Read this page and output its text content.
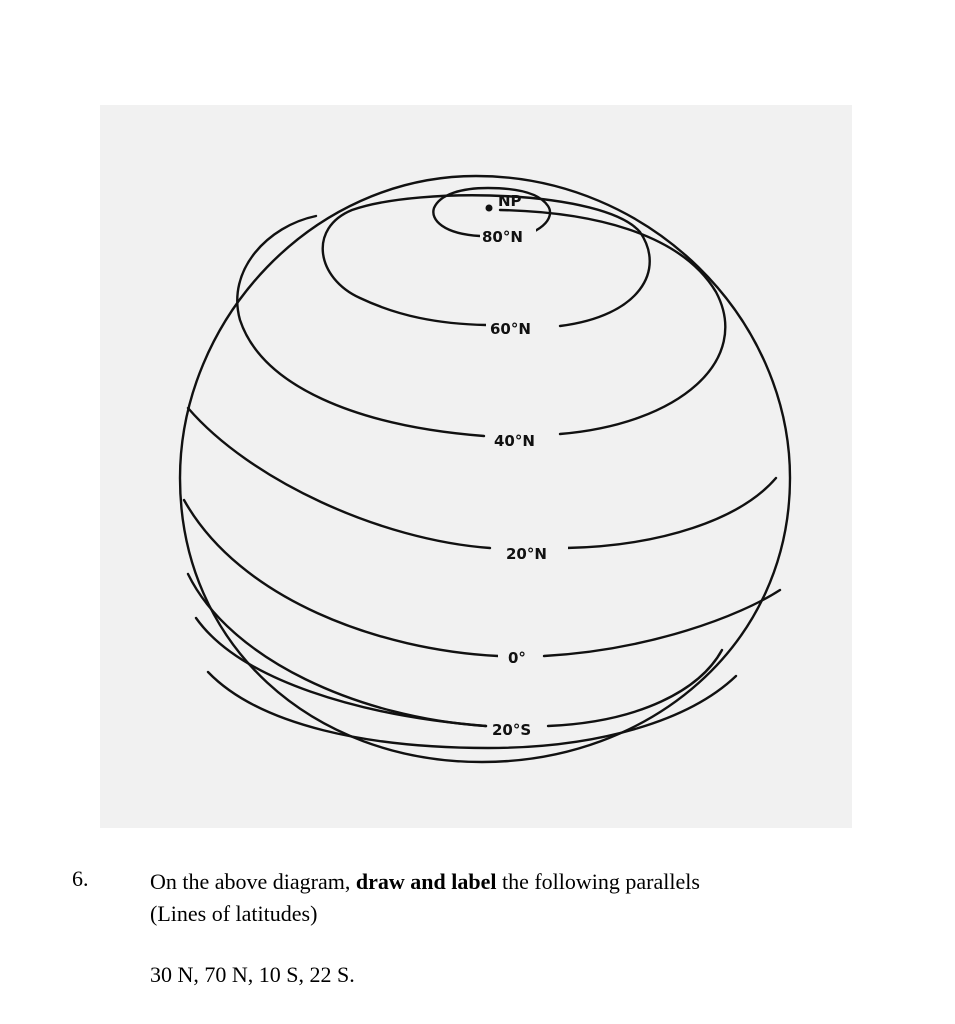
NP
80°N
60°N
40°N
20°N
0°
20°S
6.	On the above diagram, draw and label the following parallels (Lines of latitudes)
30 N, 70 N, 10 S, 22 S.
